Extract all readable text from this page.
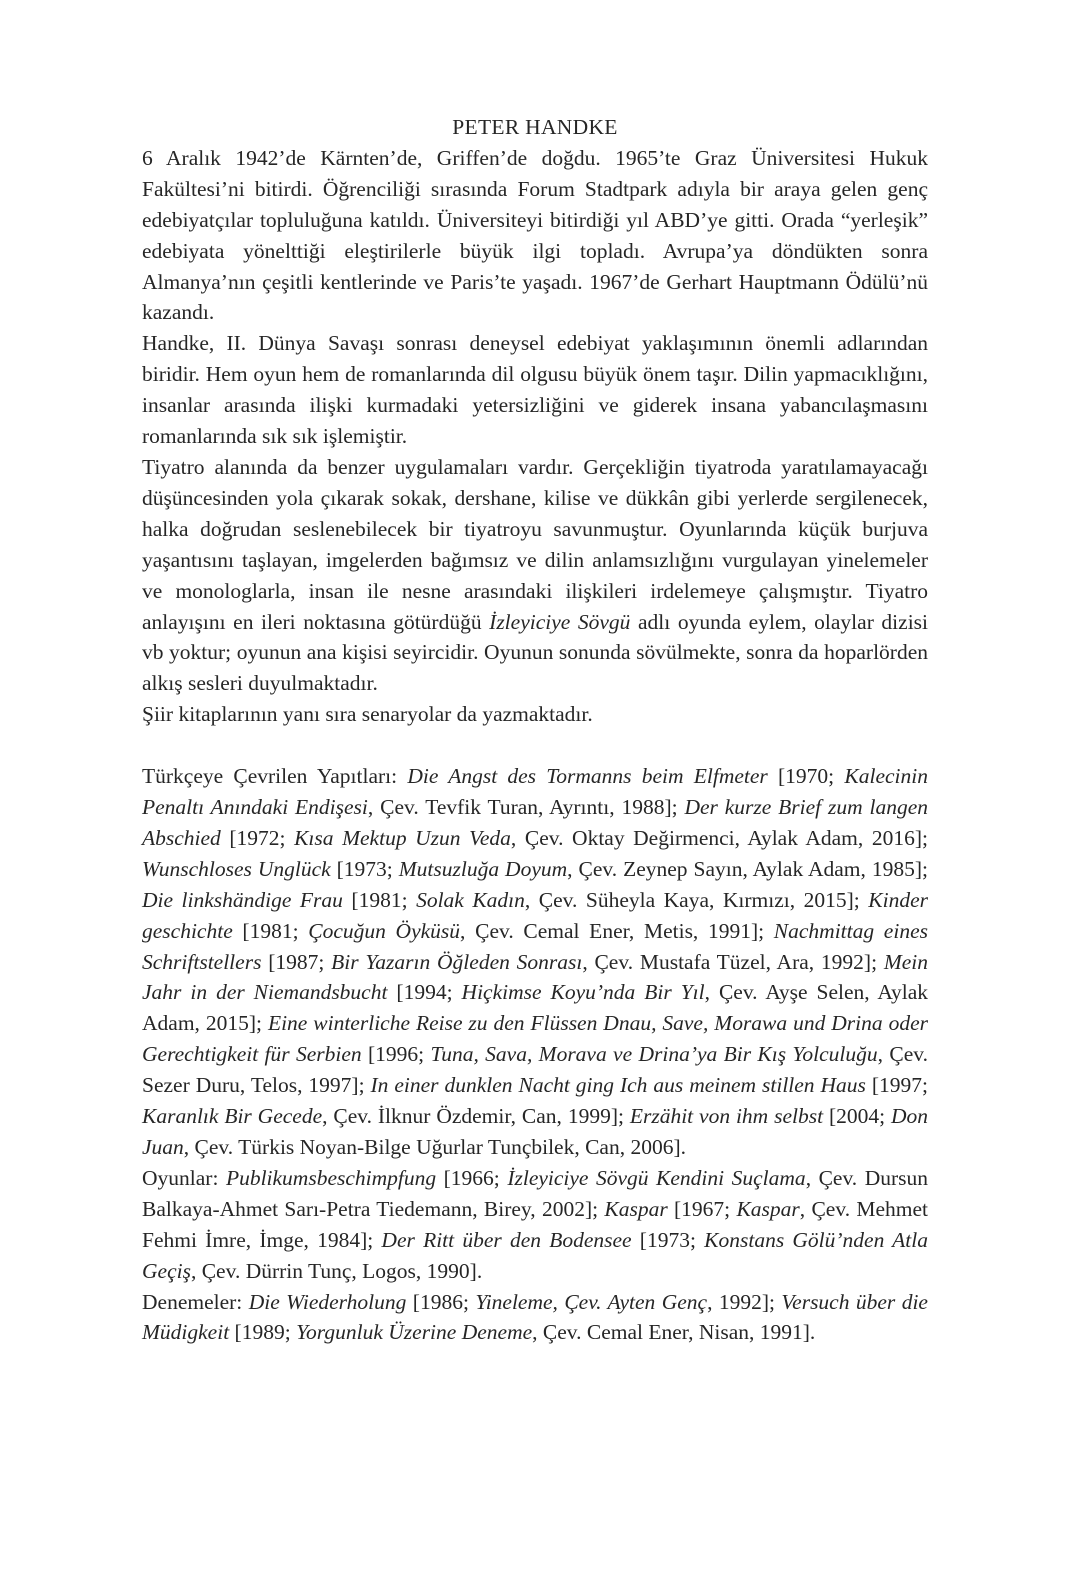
PETER HANDKE

6 Aralık 1942’de Kärnten’de, Griffen’de doğdu. 1965’te Graz Üniversitesi Hukuk Fakültesi’ni bitirdi. Öğrenciliği sırasında Forum Stadtpark adıyla bir araya gelen genç edebiyatçılar topluluğuna katıldı. Üniversiteyi bitirdiği yıl ABD’ye gitti. Orada “yerleşik” edebiyata yönelttiği eleştirilerle büyük ilgi topladı. Avrupa’ya döndükten sonra Almanya’nın çeşitli kentlerinde ve Paris’te yaşadı. 1967’de Gerhart Hauptmann Ödülü’nü kazandı.

Handke, II. Dünya Savaşı sonrası deneysel edebiyat yaklaşımının önemli adlarından biridir. Hem oyun hem de romanlarında dil olgusu büyük önem taşır. Dilin yapmacıklığını, insanlar arasında ilişki kurmadaki yetersizliğini ve giderek insana yabancılaşmasını romanlarında sık sık işlemiştir.

Tiyatro alanında da benzer uygulamaları vardır. Gerçekliğin tiyatroda yaratılamayacağı düşüncesinden yola çıkarak sokak, dershane, kilise ve dükkân gibi yerlerde sergilenecek, halka doğrudan seslenebilecek bir tiyatroyu savunmuştur. Oyunlarında küçük burjuva yaşantısını taşlayan, imgelerden bağımsız ve dilin anlamsızlığını vurgulayan yinelemeler ve monologlarla, insan ile nesne arasındaki ilişkileri irdelemeye çalışmıştır. Tiyatro anlayışını en ileri noktasına götürdüğü İzleyiciye Sövgü adlı oyunda eylem, olaylar dizisi vb yoktur; oyunun ana kişisi seyircidir. Oyunun sonunda sövülmekte, sonra da hoparlörden alkış sesleri duyulmaktadır.

Şiir kitaplarının yanı sıra senaryolar da yazmaktadır.

Türkçeye Çevrilen Yapıtları: Die Angst des Tormanns beim Elfmeter [1970; Kalecinin Penaltı Anındaki Endişesi, Çev. Tevfik Turan, Ayrıntı, 1988]; Der kurze Brief zum langen Abschied [1972; Kısa Mektup Uzun Veda, Çev. Oktay Değirmenci, Aylak Adam, 2016]; Wunschloses Unglück [1973; Mutsuzluğa Doyum, Çev. Zeynep Sayın, Aylak Adam, 1985]; Die linkshändige Frau [1981; Solak Kadın, Çev. Süheyla Kaya, Kırmızı, 2015]; Kinder geschichte [1981; Çocuğun Öyküsü, Çev. Cemal Ener, Metis, 1991]; Nachmittag eines Schriftstellers [1987; Bir Yazarın Öğleden Sonrası, Çev. Mustafa Tüzel, Ara, 1992]; Mein Jahr in der Niemandsbucht [1994; Hiçkimse Koyu’nda Bir Yıl, Çev. Ayşe Selen, Aylak Adam, 2015]; Eine winterliche Reise zu den Flüssen Dnau, Save, Morawa und Drina oder Gerechtigkeit für Serbien [1996; Tuna, Sava, Morava ve Drina’ya Bir Kış Yolculuğu, Çev. Sezer Duru, Telos, 1997]; In einer dunklen Nacht ging Ich aus meinem stillen Haus [1997; Karanlık Bir Gecede, Çev. İlknur Özdemir, Can, 1999]; Erzähit von ihm selbst [2004; Don Juan, Çev. Türkis Noyan-Bilge Uğurlar Tunçbilek, Can, 2006].

Oyunlar: Publikumsbeschimpfung [1966; İzleyiciye Sövgü Kendini Suçlama, Çev. Dursun Balkaya-Ahmet Sarı-Petra Tiedemann, Birey, 2002]; Kaspar [1967; Kaspar, Çev. Mehmet Fehmi İmre, İmge, 1984]; Der Ritt über den Bodensee [1973; Konstans Gölü’nden Atla Geçiş, Çev. Dürrin Tunç, Logos, 1990].

Denemeler: Die Wiederholung [1986; Yineleme, Çev. Ayten Genç, 1992]; Versuch über die Müdigkeit [1989; Yorgunluk Üzerine Deneme, Çev. Cemal Ener, Nisan, 1991].
